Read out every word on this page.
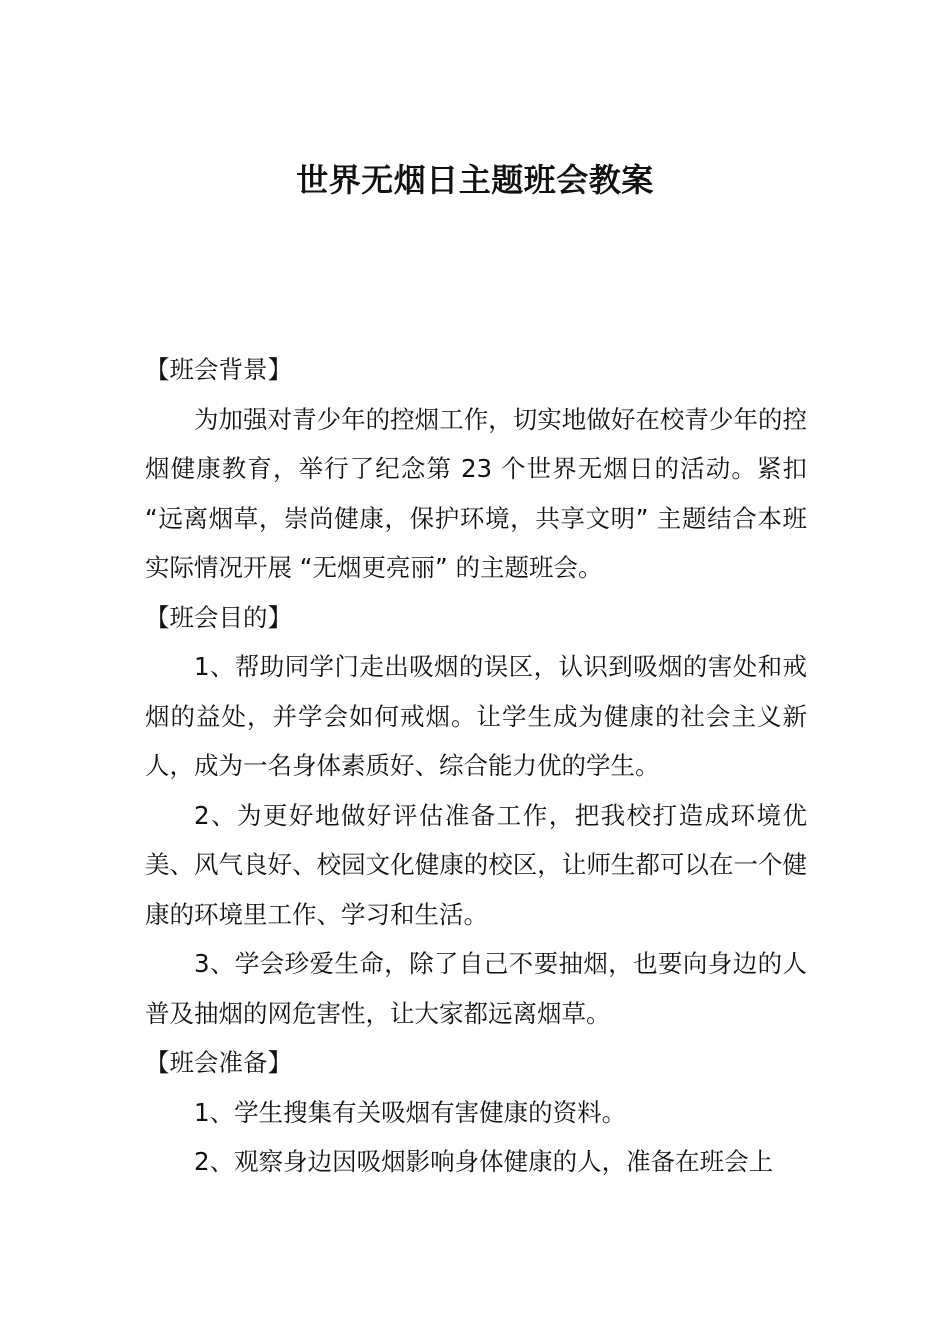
世界无烟日主题班会教案

【班会背景】

为加强对青少年的控烟工作，切实地做好在校青少年的控烟健康教育，举行了纪念第 23 个世界无烟日的活动。紧扣 “远离烟草，崇尚健康，保护环境，共享文明” 主题结合本班实际情况开展 “无烟更亮丽” 的主题班会。

【班会目的】

1、帮助同学门走出吸烟的误区，认识到吸烟的害处和戒烟的益处，并学会如何戒烟。让学生成为健康的社会主义新人，成为一名身体素质好、综合能力优的学生。

2、为更好地做好评估准备工作，把我校打造成环境优美、风气良好、校园文化健康的校区，让师生都可以在一个健康的环境里工作、学习和生活。

3、学会珍爱生命，除了自己不要抽烟，也要向身边的人普及抽烟的网危害性，让大家都远离烟草。

【班会准备】

1、学生搜集有关吸烟有害健康的资料。

2、观察身边因吸烟影响身体健康的人，准备在班会上
